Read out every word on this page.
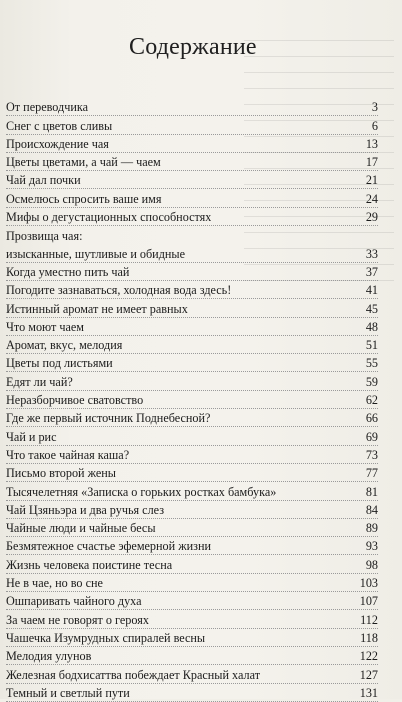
Содержание
От переводчика	3
Снег с цветов сливы	6
Происхождение чая	13
Цветы цветами, а чай — чаем	17
Чай дал почки	21
Осмелюсь спросить ваше имя	24
Мифы о дегустационных способностях	29
Прозвища чая:
изысканные, шутливые и обидные	33
Когда уместно пить чай	37
Погодите зазнаваться, холодная вода здесь!	41
Истинный аромат не имеет равных	45
Что моют чаем	48
Аромат, вкус, мелодия	51
Цветы под листьями	55
Едят ли чай?	59
Неразборчивое сватовство	62
Где же первый источник Поднебесной?	66
Чай и рис	69
Что такое чайная каша?	73
Письмо второй жены	77
Тысячелетняя «Записка о горьких ростках бамбука»	81
Чай Цзяньэра и два ручья слез	84
Чайные люди и чайные бесы	89
Безмятежное счастье эфемерной жизни	93
Жизнь человека поистине тесна	98
Не в чае, но во сне	103
Ошпаривать чайного духа	107
За чаем не говорят о героях	112
Чашечка Изумрудных спиралей весны	118
Мелодия улунов	122
Железная бодхисаттва побеждает Красный халат	127
Темный и светлый пути	131
